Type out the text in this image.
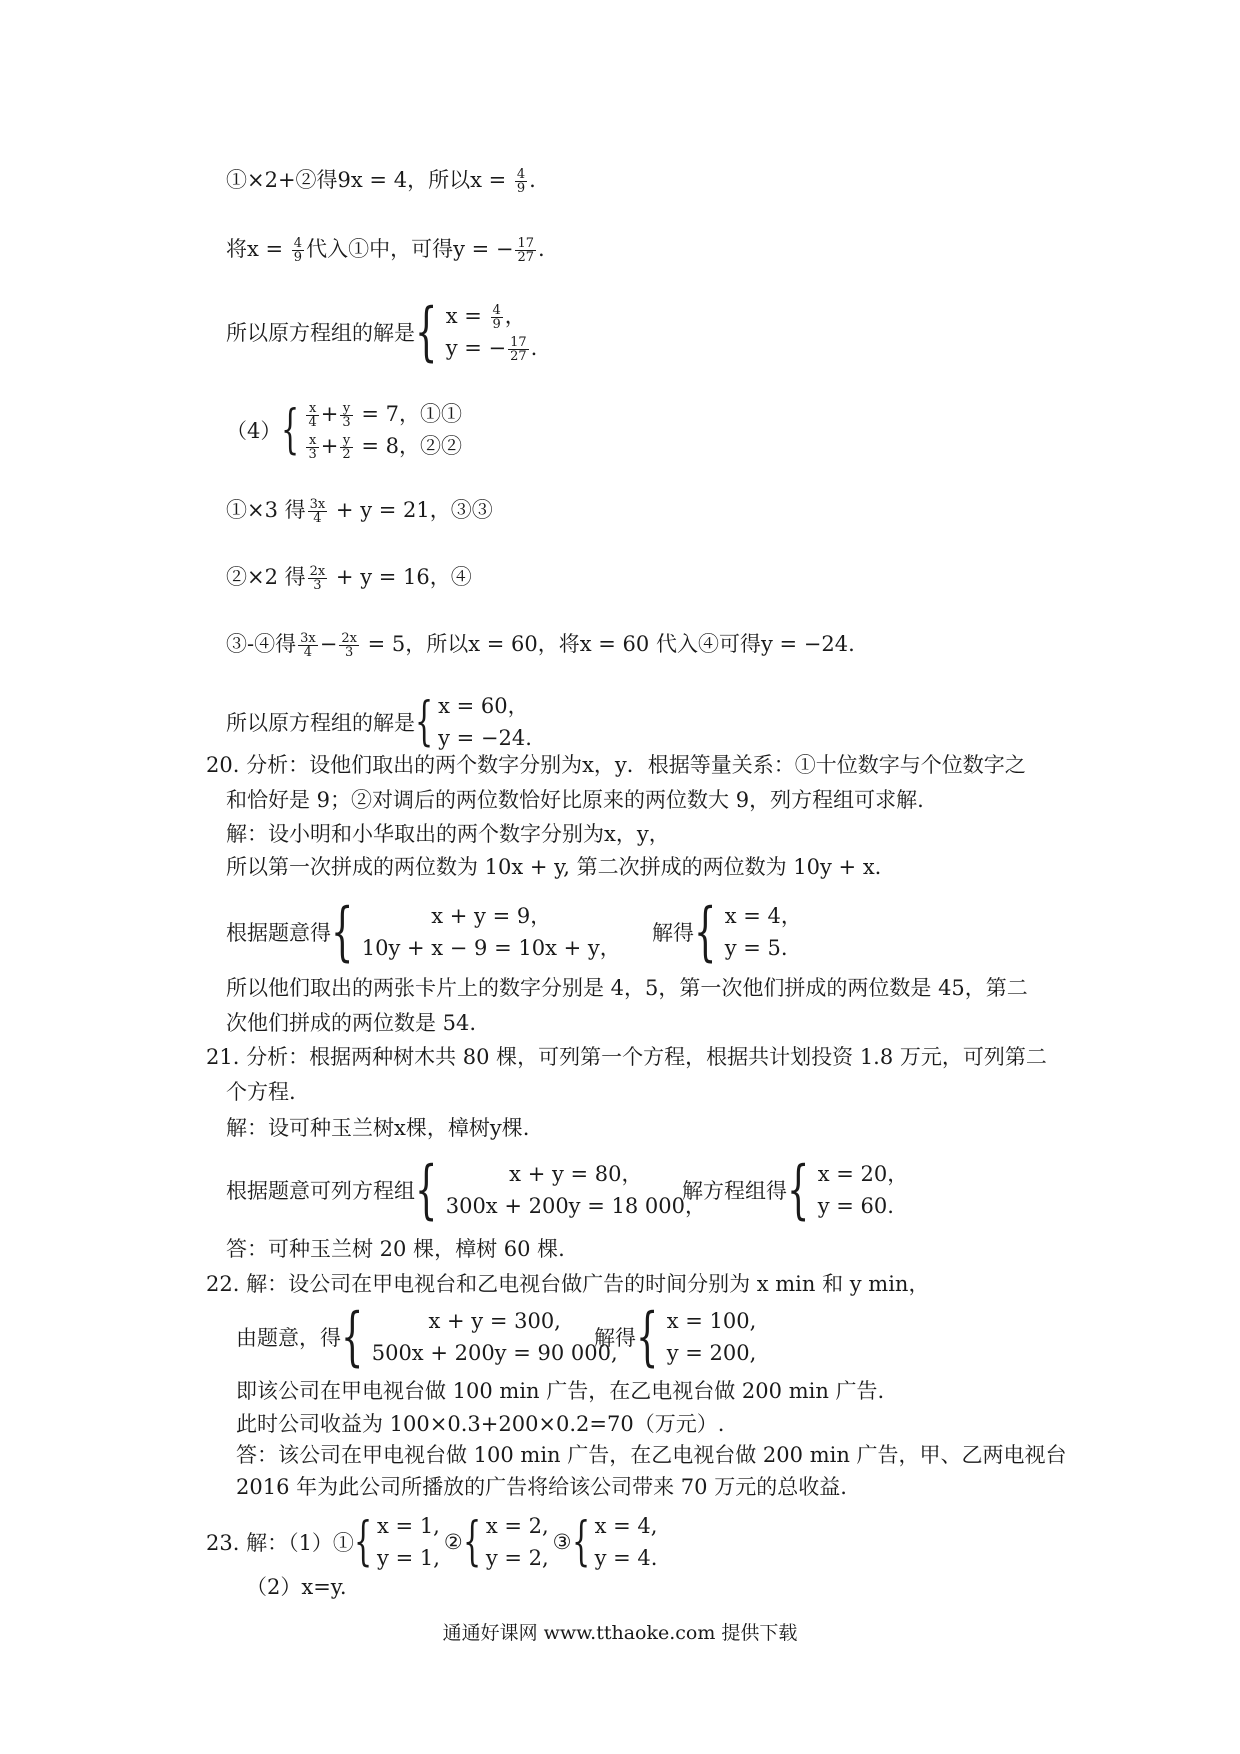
①×2+②得9x = 4，所以$x = \frac{4}{9}$ .
将$x = \frac{4}{9}$ 代入①中，可得y = − $\frac{17}{27}$ .
所以原方程组的解是 { $x = \frac{4}{9}$ ，
y = − $\frac{17}{27}$ .
（4） { $\frac{x}{4} + \frac{y}{3} = 7$，①①
$\frac{x}{3} + \frac{y}{2} = 8$，②②
①×3 得 $\frac{3x}{4} + y = 21$，③③
②×2 得 $\frac{2x}{3} + y = 16$，④
③-④得 $\frac{3x}{4} - \frac{2x}{3} = 5$，所以x = 60，将x = 60 代入④可得y = −24.
所以原方程组的解是 { x = 60，
y = −24.
20. 分析：设他们取出的两个数字分别为x，y．根据等量关系：①十位数字与个位数字之
和恰好是 9；②对调后的两位数恰好比原来的两位数大 9，列方程组可求解.
解：设小明和小华取出的两个数字分别为x，y，
所以第一次拼成的两位数为 10x + y, 第二次拼成的两位数为 10y + x.
根据题意得 {	x + y = 9，
10y + x − 9 = 10x + y，
解得 { x = 4，
y = 5.
所以他们取出的两张卡片上的数字分别是 4，5，第一次他们拼成的两位数是 45，第二
次他们拼成的两位数是 54.
21. 分析：根据两种树木共 80 棵，可列第一个方程，根据共计划投资 1.8 万元，可列第二
个方程.
解：设可种玉兰树x棵，樟树y棵.
根据题意可列方程组 {	x + y = 80，
300x + 200y = 18 000，
解方程组得 { x = 20，
y = 60.
答：可种玉兰树 20 棵，樟树 60 棵.
22. 解：设公司在甲电视台和乙电视台做广告的时间分别为 x min 和 y min，
由题意，得 {	x + y = 300,
500x + 200y = 90 000,
解得 { x = 100,
y = 200,
即该公司在甲电视台做 100 min 广告，在乙电视台做 200 min 广告.
此时公司收益为 100×0.3+200×0.2=70（万元）.
答：该公司在甲电视台做 100 min 广告，在乙电视台做 200 min 广告，甲、乙两电视台
2016 年为此公司所播放的广告将给该公司带来 70 万元的总收益.
23. 解：（1）① { x = 1,
y = 1,
② { x = 2,
y = 2,
③ { x = 4,
y = 4.
（2）x=y.
通通好课网 www.tthaoke.com 提供下载
